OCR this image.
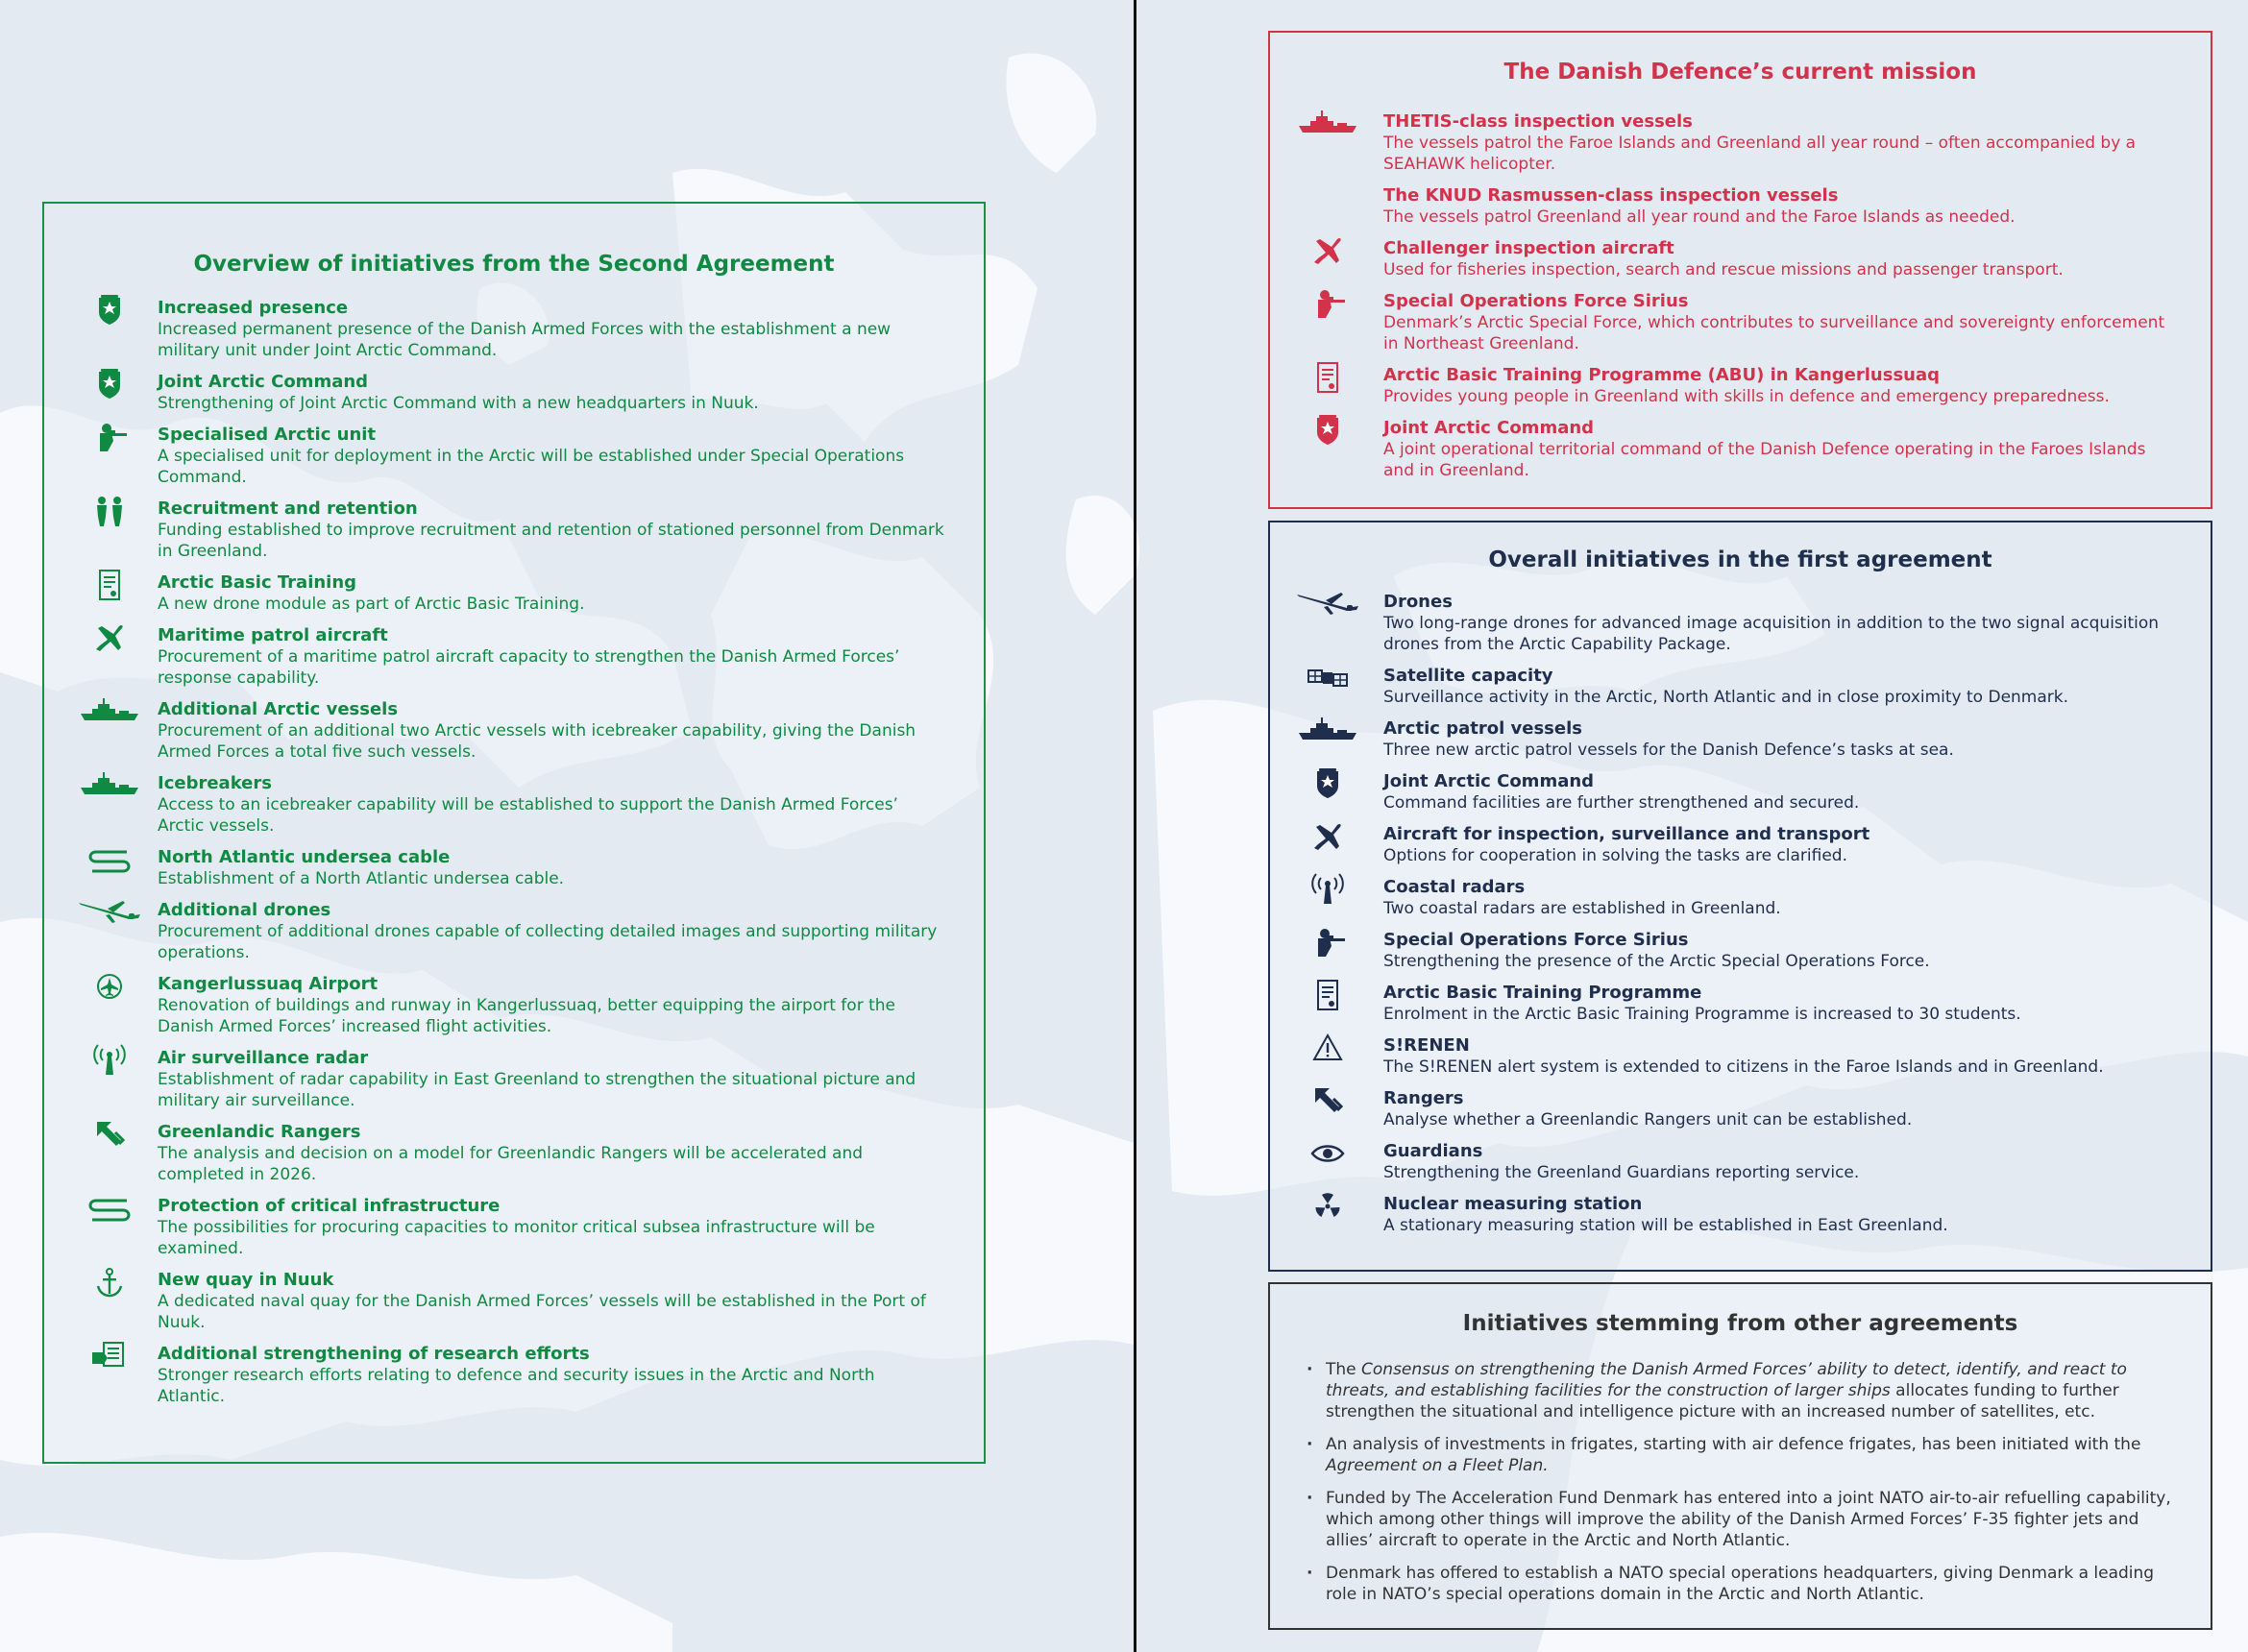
Overview of initiatives from the Second Agreement
Increased presence
Increased permanent presence of the Danish Armed Forces with the establishment a new military unit under Joint Arctic Command.
Joint Arctic Command
Strengthening of Joint Arctic Command with a new headquarters in Nuuk.
Specialised Arctic unit
A specialised unit for deployment in the Arctic will be established under Special Operations Command.
Recruitment and retention
Funding established to improve recruitment and retention of stationed personnel from Denmark in Greenland.
Arctic Basic Training
A new drone module as part of Arctic Basic Training.
Maritime patrol aircraft
Procurement of a maritime patrol aircraft capacity to strengthen the Danish Armed Forces’ response capability.
Additional Arctic vessels
Procurement of an additional two Arctic vessels with icebreaker capability, giving the Danish Armed Forces a total five such vessels.
Icebreakers
Access to an icebreaker capability will be established to support the Danish Armed Forces’ Arctic vessels.
North Atlantic undersea cable
Establishment of a North Atlantic undersea cable.
Additional drones
Procurement of additional drones capable of collecting detailed images and supporting military operations.
Kangerlussuaq Airport
Renovation of buildings and runway in Kangerlussuaq, better equipping the airport for the Danish Armed Forces’ increased flight activities.
Air surveillance radar
Establishment of radar capability in East Greenland to strengthen the situational picture and military air surveillance.
Greenlandic Rangers
The analysis and decision on a model for Greenlandic Rangers will be accelerated and completed in 2026.
Protection of critical infrastructure
The possibilities for procuring capacities to monitor critical subsea infrastructure will be examined.
New quay in Nuuk
A dedicated naval quay for the Danish Armed Forces’ vessels will be established in the Port of Nuuk.
Additional strengthening of research efforts
Stronger research efforts relating to defence and security issues in the Arctic and North Atlantic.
The Danish Defence’s current mission
THETIS-class inspection vessels
The vessels patrol the Faroe Islands and Greenland all year round – often accompanied by a SEAHAWK helicopter.
The KNUD Rasmussen-class inspection vessels
The vessels patrol Greenland all year round and the Faroe Islands as needed.
Challenger inspection aircraft
Used for fisheries inspection, search and rescue missions and passenger transport.
Special Operations Force Sirius
Denmark’s Arctic Special Force, which contributes to surveillance and sovereignty enforcement in Northeast Greenland.
Arctic Basic Training Programme (ABU) in Kangerlussuaq
Provides young people in Greenland with skills in defence and emergency preparedness.
Joint Arctic Command
A joint operational territorial command of the Danish Defence operating in the Faroes Islands and in Greenland.
Overall initiatives in the first agreement
Drones
Two long-range drones for advanced image acquisition in addition to the two signal acquisition drones from the Arctic Capability Package.
Satellite capacity
Surveillance activity in the Arctic, North Atlantic and in close proximity to Denmark.
Arctic patrol vessels
Three new arctic patrol vessels for the Danish Defence’s tasks at sea.
Joint Arctic Command
Command facilities are further strengthened and secured.
Aircraft for inspection, surveillance and transport
Options for cooperation in solving the tasks are clarified.
Coastal radars
Two coastal radars are established in Greenland.
Special Operations Force Sirius
Strengthening the presence of the Arctic Special Operations Force.
Arctic Basic Training Programme
Enrolment in the Arctic Basic Training Programme is increased to 30 students.
S!RENEN
The S!RENEN alert system is extended to citizens in the Faroe Islands and in Greenland.
Rangers
Analyse whether a Greenlandic Rangers unit can be established.
Guardians
Strengthening the Greenland Guardians reporting service.
Nuclear measuring station
A stationary measuring station will be established in East Greenland.
Initiatives stemming from other agreements
· The Consensus on strengthening the Danish Armed Forces’ ability to detect, identify, and react to threats, and establishing facilities for the construction of larger ships allocates funding to further strengthen the situational and intelligence picture with an increased number of satellites, etc.
· An analysis of investments in frigates, starting with air defence frigates, has been initiated with the Agreement on a Fleet Plan.
· Funded by The Acceleration Fund Denmark has entered into a joint NATO air-to-air refuelling capability, which among other things will improve the ability of the Danish Armed Forces’ F-35 fighter jets and allies’ aircraft to operate in the Arctic and North Atlantic.
· Denmark has offered to establish a NATO special operations headquarters, giving Denmark a leading role in NATO’s special operations domain in the Arctic and North Atlantic.
